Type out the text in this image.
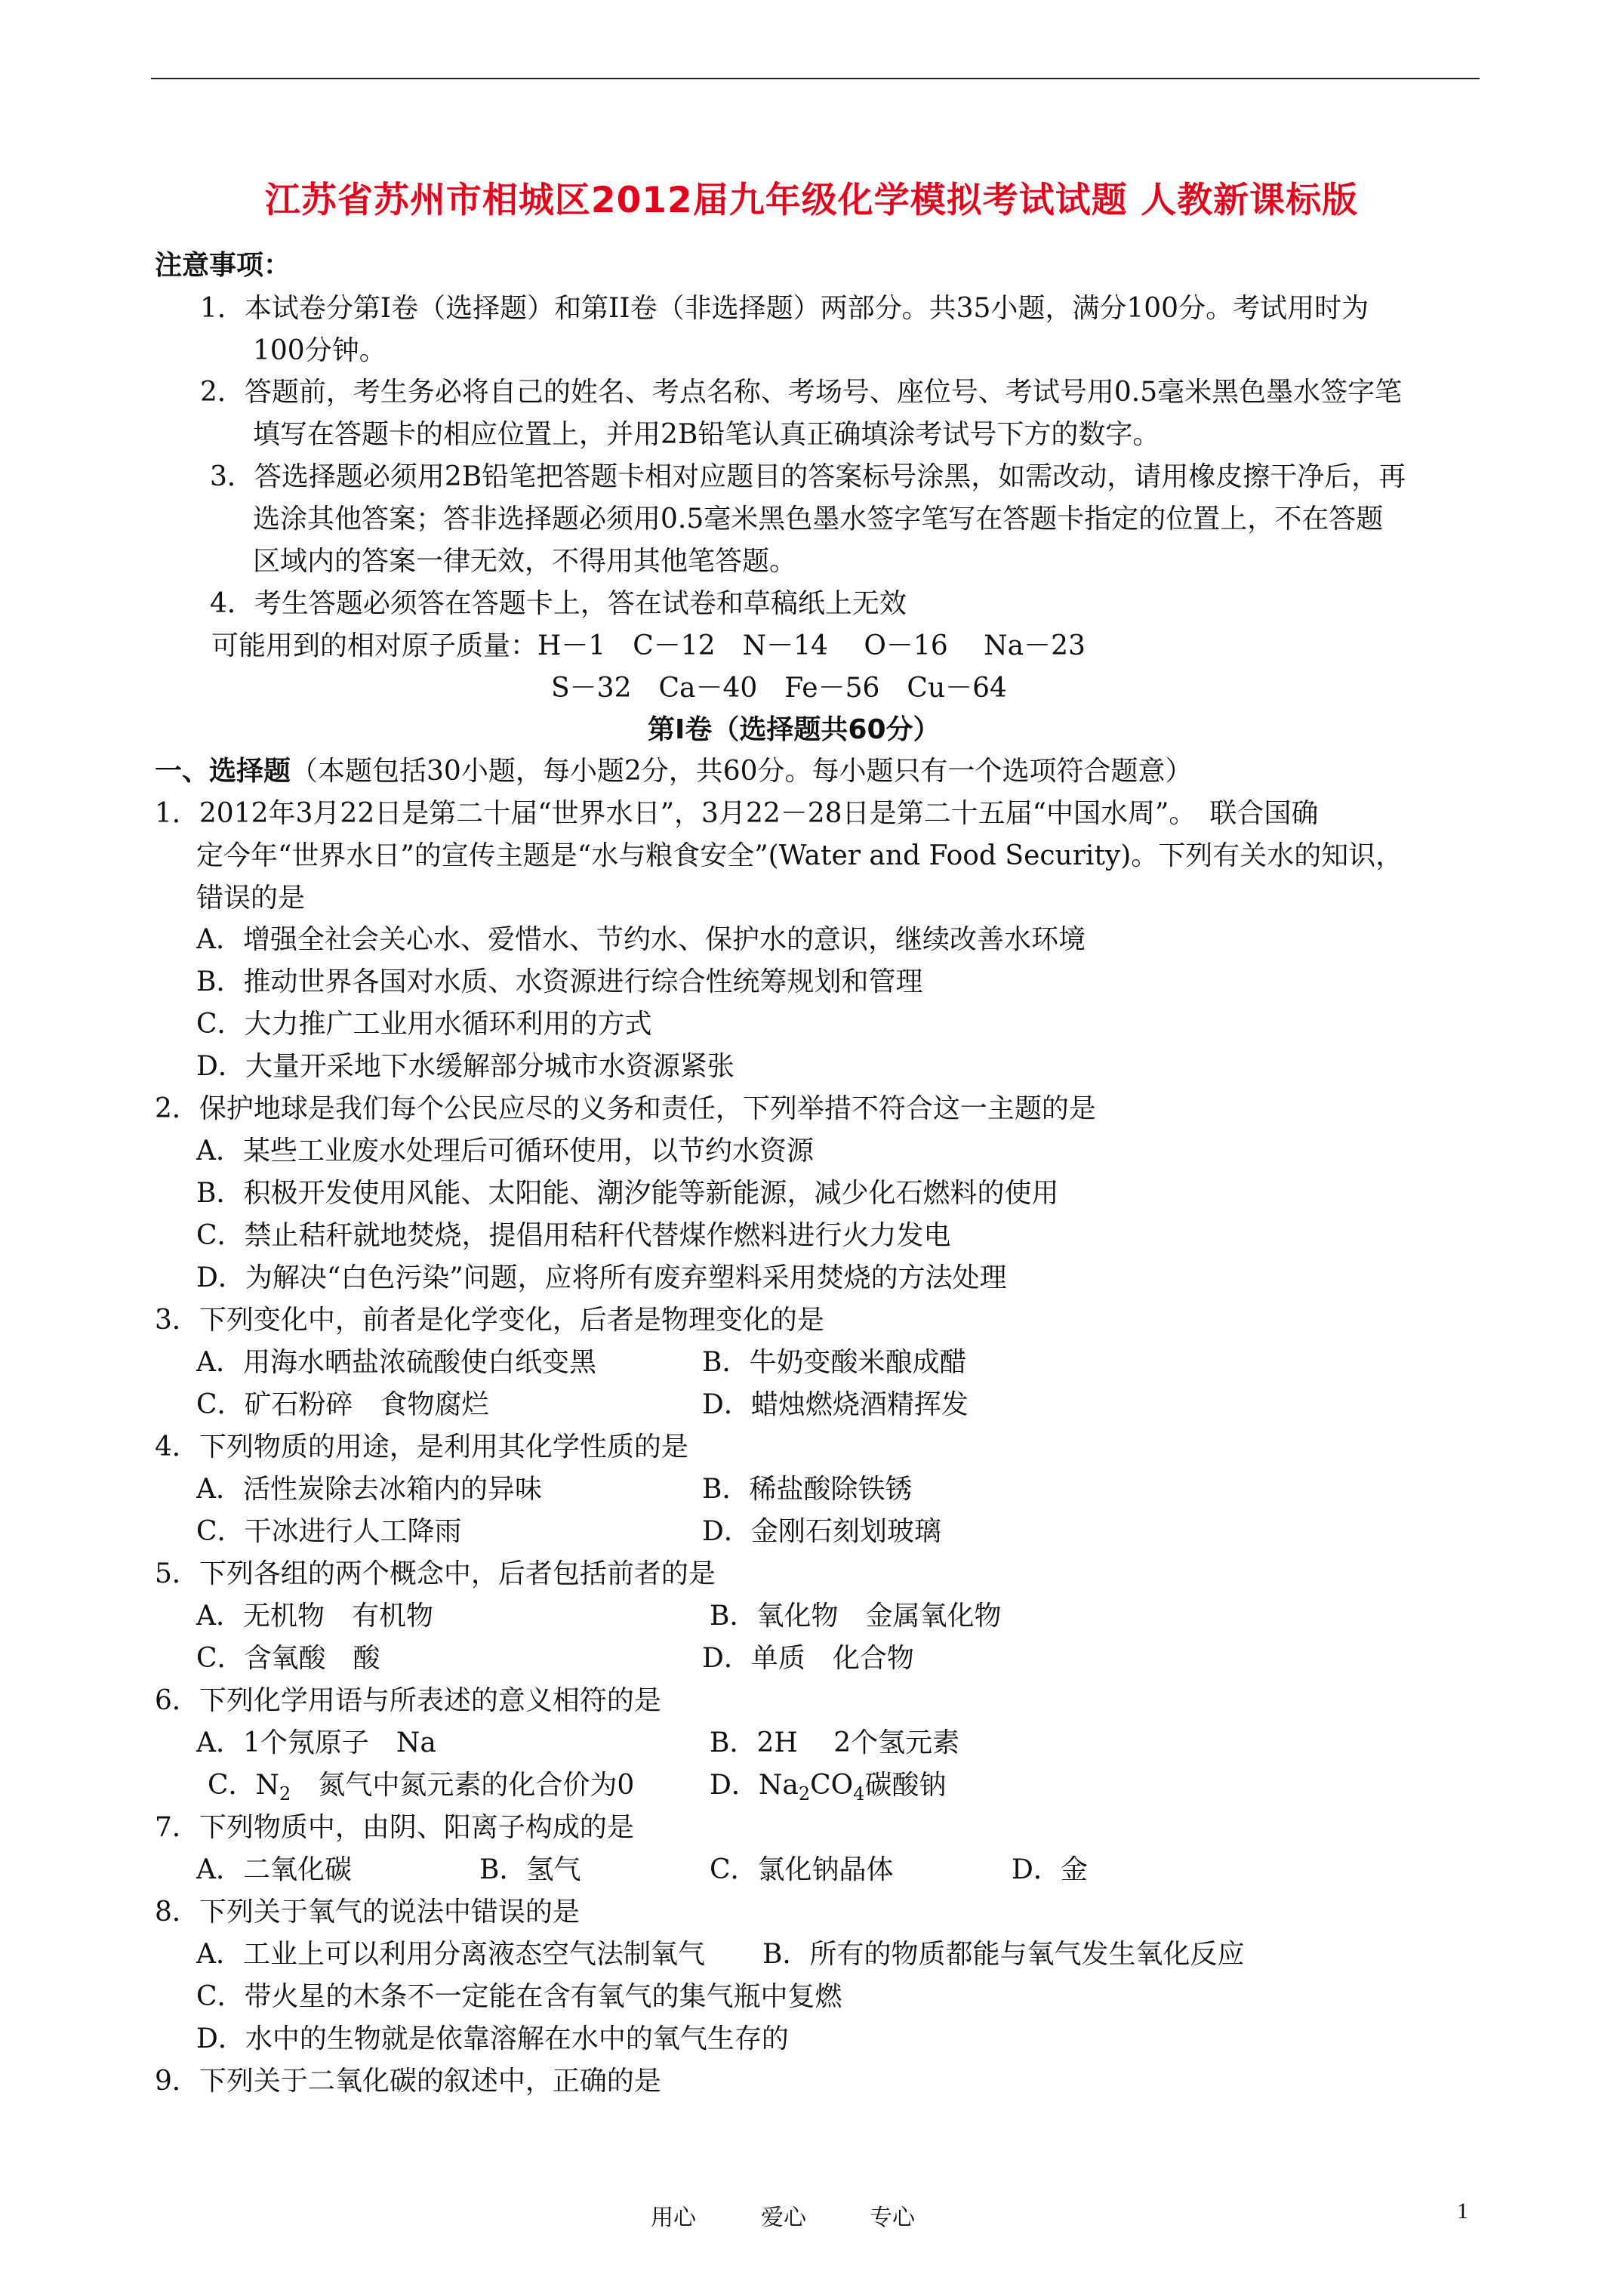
江苏省苏州市相城区2012届九年级化学模拟考试试题 人教新课标版
注意事项：
1．本试卷分第Ⅰ卷（选择题）和第II卷（非选择题）两部分。共35小题，满分100分。考试用时为
100分钟。
2．答题前，考生务必将自己的姓名、考点名称、考场号、座位号、考试号用0.5毫米黑色墨水签字笔
填写在答题卡的相应位置上，并用2B铅笔认真正确填涂考试号下方的数字。
3．答选择题必须用2B铅笔把答题卡相对应题目的答案标号涂黑，如需改动，请用橡皮擦干净后，再
选涂其他答案；答非选择题必须用0.5毫米黑色墨水签字笔写在答题卡指定的位置上，不在答题
区域内的答案一律无效，不得用其他笔答题。
4．考生答题必须答在答题卡上，答在试卷和草稿纸上无效
可能用到的相对原子质量：H－1　C－12　N－14　 O－16　 Na－23
S－32　Ca－40　Fe－56　Cu－64
第Ⅰ卷（选择题共60分）
一、选择题（本题包括30小题，每小题2分，共60分。每小题只有一个选项符合题意）
1．2012年3月22日是第二十届“世界水日”，3月22－28日是第二十五届“中国水周”。　联合国确
定今年“世界水日”的宣传主题是“水与粮食安全”(Water and Food Security)。下列有关水的知识，
错误的是
A．增强全社会关心水、爱惜水、节约水、保护水的意识，继续改善水环境
B．推动世界各国对水质、水资源进行综合性统筹规划和管理
C．大力推广工业用水循环利用的方式
D．大量开采地下水缓解部分城市水资源紧张
2．保护地球是我们每个公民应尽的义务和责任，下列举措不符合这一主题的是
A．某些工业废水处理后可循环使用，以节约水资源
B．积极开发使用风能、太阳能、潮汐能等新能源，减少化石燃料的使用
C．禁止秸秆就地焚烧，提倡用秸秆代替煤作燃料进行火力发电
D．为解决“白色污染”问题，应将所有废弃塑料采用焚烧的方法处理
3．下列变化中，前者是化学变化，后者是物理变化的是
A．用海水晒盐浓硫酸使白纸变黑	B．牛奶变酸米酿成醋
C．矿石粉碎　食物腐烂	D．蜡烛燃烧酒精挥发
4．下列物质的用途，是利用其化学性质的是
A．活性炭除去冰箱内的异味	B．稀盐酸除铁锈
C．干冰进行人工降雨	D．金刚石刻划玻璃
5．下列各组的两个概念中，后者包括前者的是
A．无机物　有机物	B．氧化物　金属氧化物
C．含氧酸　酸	D．单质　化合物
6．下列化学用语与所表述的意义相符的是
A．1个氖原子　Na	B．2H　 2个氢元素
C．$N_2$　氮气中氮元素的化合价为0	D．$Na_2CO_4$碳酸钠
7．下列物质中，由阴、阳离子构成的是
A．二氧化碳	B．氢气	C．氯化钠晶体	D．金
8．下列关于氧气的说法中错误的是
A．工业上可以利用分离液态空气法制氧气 B．所有的物质都能与氧气发生氧化反应
C．带火星的木条不一定能在含有氧气的集气瓶中复燃
D．水中的生物就是依靠溶解在水中的氧气生存的
9．下列关于二氧化碳的叙述中，正确的是
用心	爱心	专心	1
